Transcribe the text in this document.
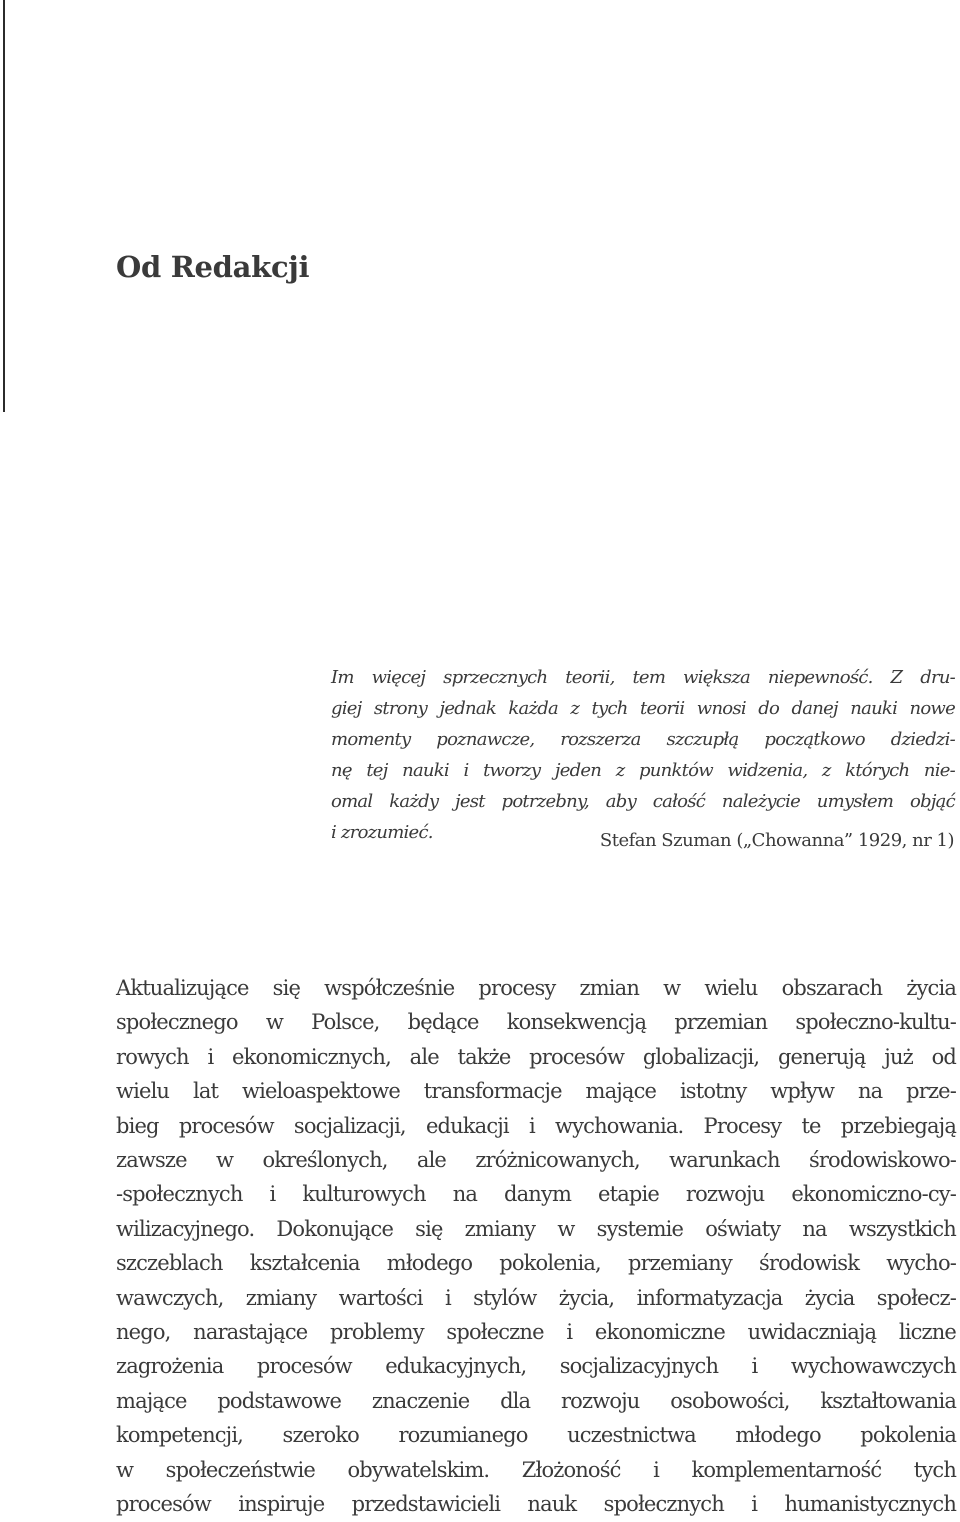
Od Redakcji
Im więcej sprzecznych teorii, tem większa niepewność. Z dru-
giej strony jednak każda z tych teorii wnosi do danej nauki nowe
momenty poznawcze, rozszerza szczupłą początkowo dziedzi-
nę tej nauki i tworzy jeden z punktów widzenia, z których nie-
omal każdy jest potrzebny, aby całość należycie umysłem objąć
i zrozumieć.	Stefan Szuman („Chowanna” 1929, nr 1)

Aktualizujące się współcześnie procesy zmian w wielu obszarach życia
społecznego w Polsce, będące konsekwencją przemian społeczno-kultu-
rowych i ekonomicznych, ale także procesów globalizacji, generują już od
wielu lat wieloaspektowe transformacje mające istotny wpływ na prze-
bieg procesów socjalizacji, edukacji i wychowania. Procesy te przebiegają
zawsze w określonych, ale zróżnicowanych, warunkach środowiskowo-
-społecznych i kulturowych na danym etapie rozwoju ekonomiczno-cy-
wilizacyjnego. Dokonujące się zmiany w systemie oświaty na wszystkich
szczeblach kształcenia młodego pokolenia, przemiany środowisk wycho-
wawczych, zmiany wartości i stylów życia, informatyzacja życia społecz-
nego, narastające problemy społeczne i ekonomiczne uwidaczniają liczne
zagrożenia procesów edukacyjnych, socjalizacyjnych i wychowawczych
mające podstawowe znaczenie dla rozwoju osobowości, kształtowania
kompetencji, szeroko rozumianego uczestnictwa młodego pokolenia
w społeczeństwie obywatelskim. Złożoność i komplementarność tych
procesów inspiruje przedstawicieli nauk społecznych i humanistycznych
